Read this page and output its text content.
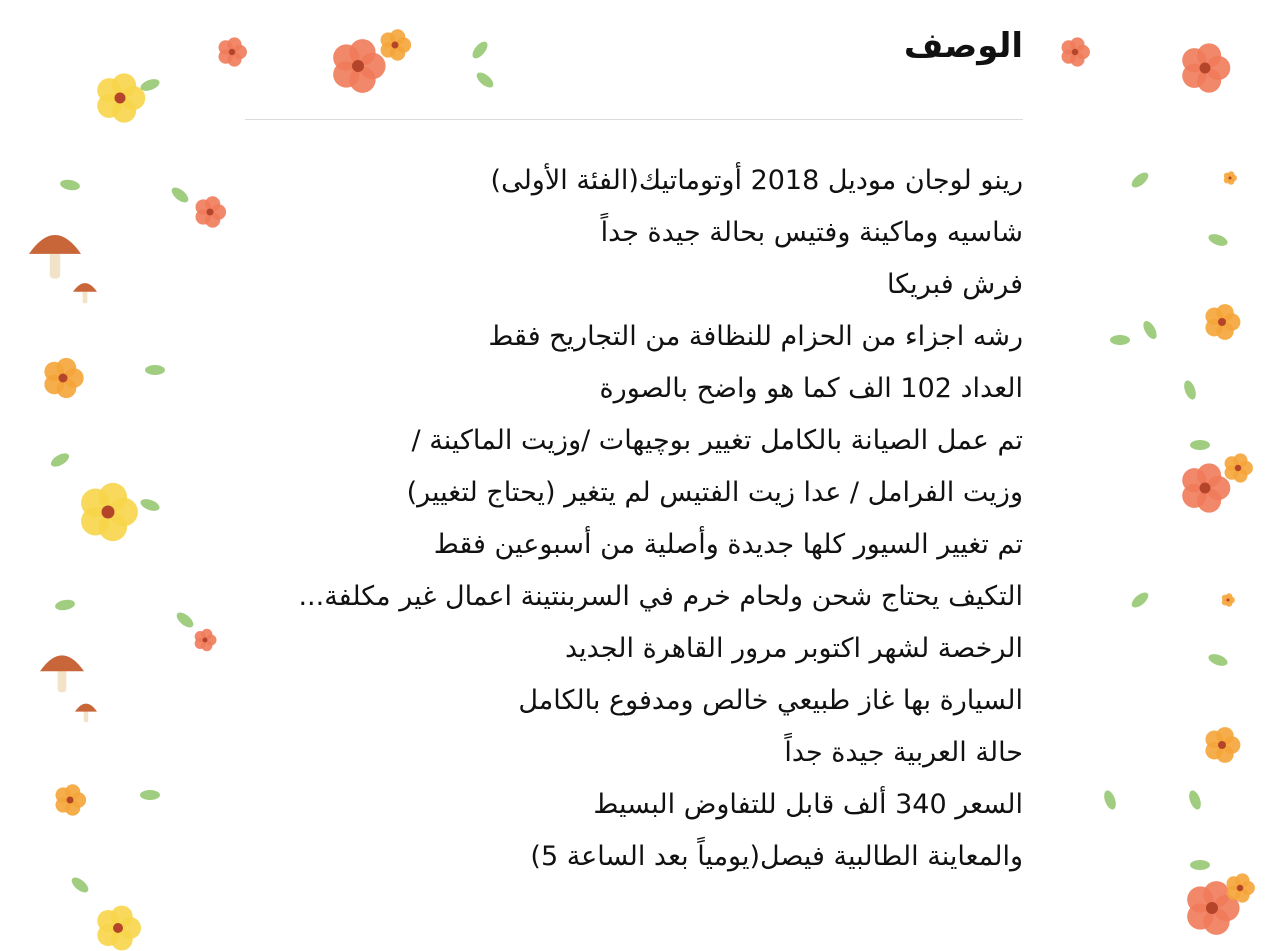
الوصف
رينو لوجان موديل 2018 أوتوماتيك(الفئة الأولى)
شاسيه وماكينة وفتيس بحالة جيدة جداً
فرش فبريكا
رشه اجزاء من الحزام للنظافة من التجاريح فقط
العداد 102 الف كما هو واضح بالصورة
تم عمل الصيانة بالكامل تغيير بوچيهات /وزيت الماكينة /
وزيت الفرامل / عدا زيت الفتيس لم يتغير (يحتاج لتغيير)
تم تغيير السيور كلها جديدة وأصلية من أسبوعين فقط
التكيف يحتاج شحن ولحام خرم في السربنتينة اعمال غير مكلفة...
الرخصة لشهر اكتوبر مرور القاهرة الجديد
السيارة بها غاز طبيعي خالص ومدفوع بالكامل
حالة العربية جيدة جداً
السعر 340 ألف قابل للتفاوض البسيط
والمعاينة الطالبية فيصل(يومياً بعد الساعة 5)
